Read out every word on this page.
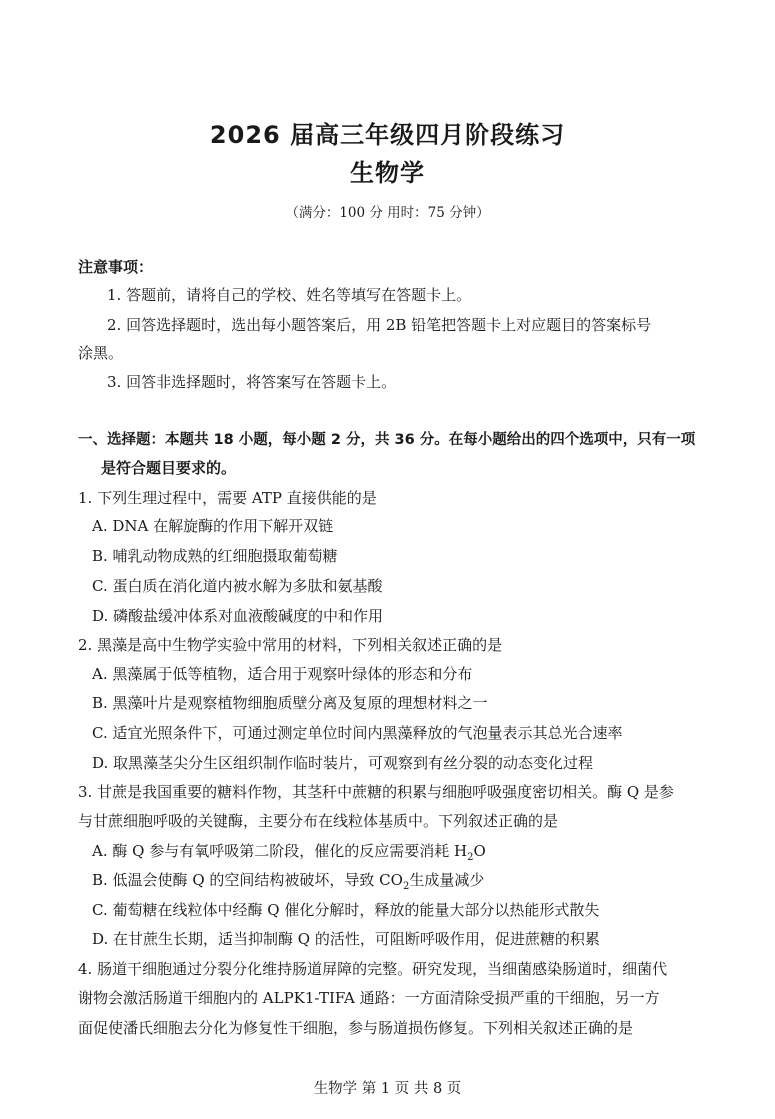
2026 届高三年级四月阶段练习
生物学
（满分：100 分 用时：75 分钟）
注意事项：
1. 答题前，请将自己的学校、姓名等填写在答题卡上。
2. 回答选择题时，选出每小题答案后，用 2B 铅笔把答题卡上对应题目的答案标号
涂黑。
3. 回答非选择题时，将答案写在答题卡上。
一、选择题：本题共 18 小题，每小题 2 分，共 36 分。在每小题给出的四个选项中，只有一项
是符合题目要求的。
1. 下列生理过程中，需要 ATP 直接供能的是
A. DNA 在解旋酶的作用下解开双链
B. 哺乳动物成熟的红细胞摄取葡萄糖
C. 蛋白质在消化道内被水解为多肽和氨基酸
D. 磷酸盐缓冲体系对血液酸碱度的中和作用
2. 黑藻是高中生物学实验中常用的材料，下列相关叙述正确的是
A. 黑藻属于低等植物，适合用于观察叶绿体的形态和分布
B. 黑藻叶片是观察植物细胞质壁分离及复原的理想材料之一
C. 适宜光照条件下，可通过测定单位时间内黑藻释放的气泡量表示其总光合速率
D. 取黑藻茎尖分生区组织制作临时装片，可观察到有丝分裂的动态变化过程
3. 甘蔗是我国重要的糖料作物，其茎秆中蔗糖的积累与细胞呼吸强度密切相关。酶 Q 是参
与甘蔗细胞呼吸的关键酶，主要分布在线粒体基质中。下列叙述正确的是
A. 酶 Q 参与有氧呼吸第二阶段，催化的反应需要消耗 $H_2O$
B. 低温会使酶 Q 的空间结构被破坏，导致 $CO_2$生成量减少
C. 葡萄糖在线粒体中经酶 Q 催化分解时，释放的能量大部分以热能形式散失
D. 在甘蔗生长期，适当抑制酶 Q 的活性，可阻断呼吸作用，促进蔗糖的积累
4. 肠道干细胞通过分裂分化维持肠道屏障的完整。研究发现，当细菌感染肠道时，细菌代
谢物会激活肠道干细胞内的 ALPK1-TIFA 通路：一方面清除受损严重的干细胞，另一方
面促使潘氏细胞去分化为修复性干细胞，参与肠道损伤修复。下列相关叙述正确的是
生物学 第 1 页 共 8 页
